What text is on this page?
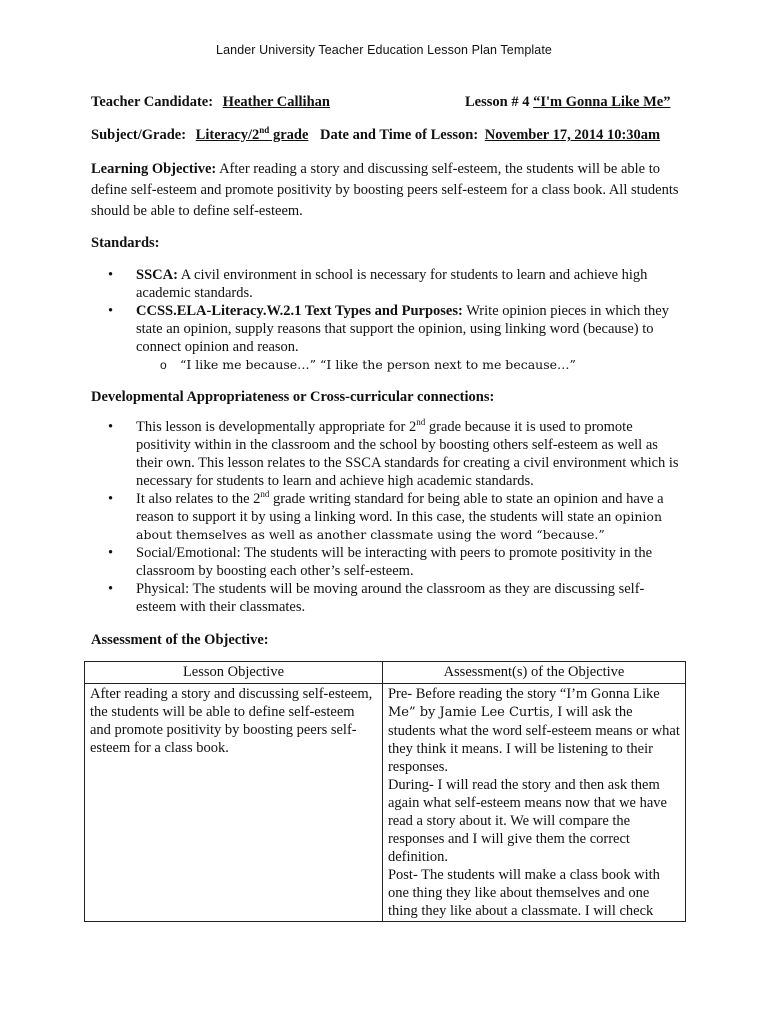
Lander University Teacher Education Lesson Plan Template
Teacher Candidate: Heather Callihan	Lesson # 4 “I'm Gonna Like Me”
Subject/Grade: Literacy/2nd grade Date and Time of Lesson: November 17, 2014 10:30am
Learning Objective: After reading a story and discussing self-esteem, the students will be able to define self-esteem and promote positivity by boosting peers self-esteem for a class book. All students should be able to define self-esteem.
Standards:
•	SSCA: A civil environment in school is necessary for students to learn and achieve high academic standards.
•	CCSS.ELA-Literacy.W.2.1 Text Types and Purposes: Write opinion pieces in which they state an opinion, supply reasons that support the opinion, using linking word (because) to connect opinion and reason.
o “I like me because…” “I like the person next to me because…”
Developmental Appropriateness or Cross-curricular connections:
•	This lesson is developmentally appropriate for 2nd grade because it is used to promote positivity within in the classroom and the school by boosting others self-esteem as well as their own. This lesson relates to the SSCA standards for creating a civil environment which is necessary for students to learn and achieve high academic standards.
•	It also relates to the 2nd grade writing standard for being able to state an opinion and have a reason to support it by using a linking word. In this case, the students will state an opinion about themselves as well as another classmate using the word “because.”
•	Social/Emotional: The students will be interacting with peers to promote positivity in the classroom by boosting each other’s self-esteem.
•	Physical: The students will be moving around the classroom as they are discussing self-esteem with their classmates.
Assessment of the Objective:
Lesson Objective	Assessment(s) of the Objective

After reading a story and discussing self-esteem, the students will be able to define self-esteem and promote positivity by boosting peers self-esteem for a class book.	Pre- Before reading the story “I’m Gonna Like Me” by Jamie Lee Curtis, I will ask the students what the word self-esteem means or what they think it means. I will be listening to their responses.
During- I will read the story and then ask them again what self-esteem means now that we have read a story about it. We will compare the responses and I will give them the correct definition.
Post- The students will make a class book with one thing they like about themselves and one thing they like about a classmate. I will check
